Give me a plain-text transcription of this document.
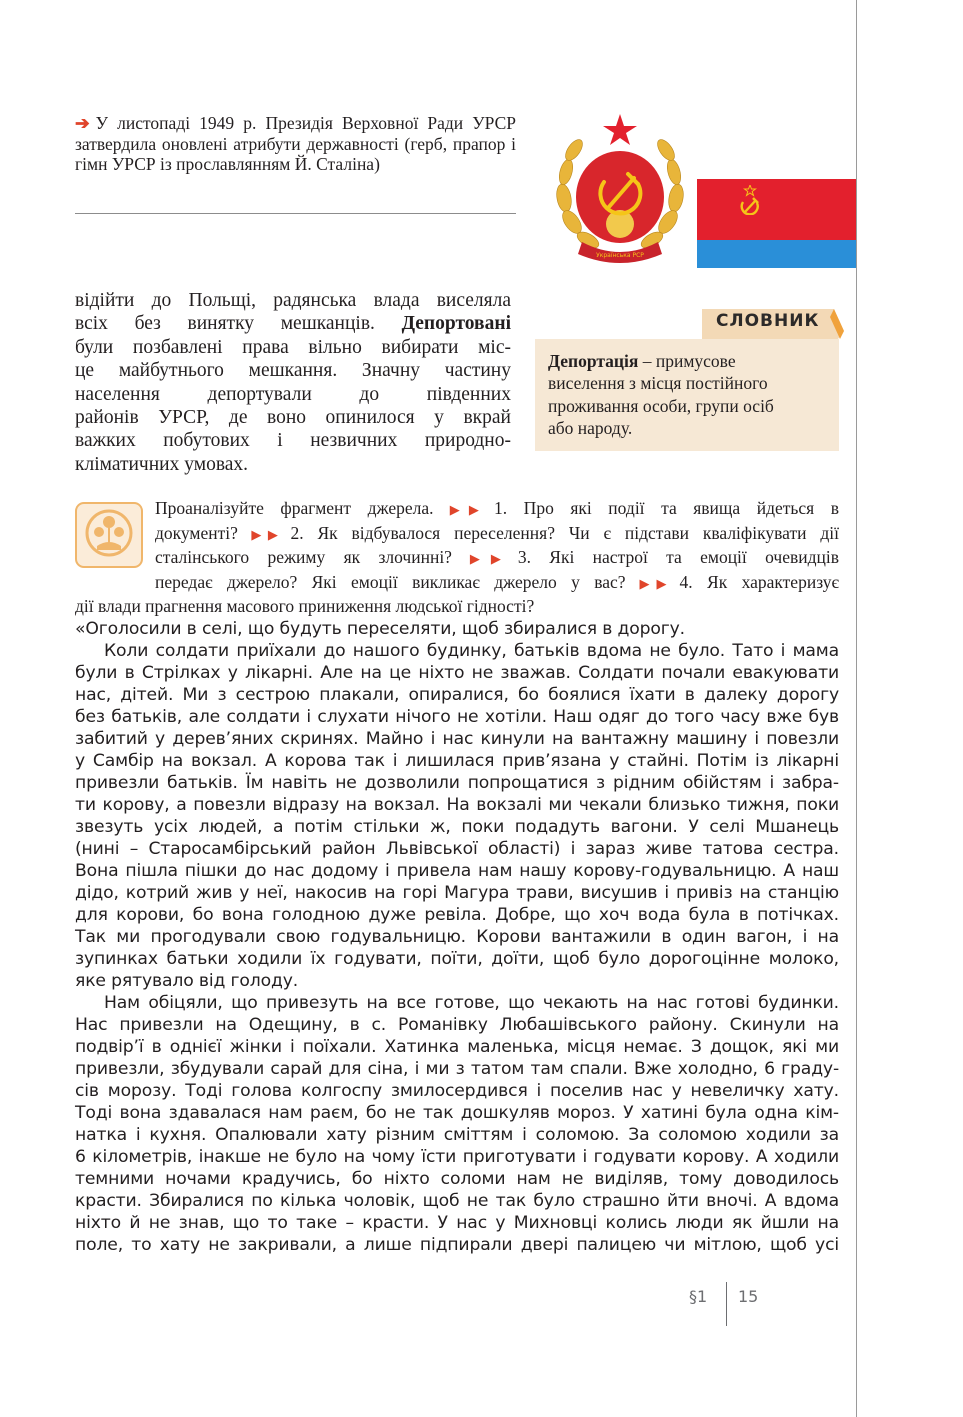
➔ У листопаді 1949 р. Президія Верховної Ради УРСР затвердила оновлені атрибути державності (герб, прапор і гімн УРСР із прославлянням Й. Сталіна)
Українська РСР
відійти до Польщі, радянська влада виселяла
всіх без винятку мешканців. Депортовані
були позбавлені права вільно вибирати міс-
це майбутнього мешкання. Значну частину
населення депортували до південних
районів УРСР, де воно опинилося у вкрай
важких побутових і незвичних природно-
кліматичних умовах.
СЛОВНИК
Депортація – примусове
виселення з місця постійного
проживання особи, групи осіб
або народу.
Проаналізуйте фрагмент джерела. ▶▶ 1. Про які події та явища йдеться в
документі? ▶▶ 2. Як відбувалося переселення? Чи є підстави кваліфікувати дії
сталінського режиму як злочинні? ▶▶ 3. Які настрої та емоції очевидців
передає джерело? Які емоції викликає джерело у вас? ▶▶ 4. Як характеризує
дії влади прагнення масового приниження людської гідності?
«Оголосили в селі, що будуть переселяти, щоб збиралися в дорогу.
Коли солдати приїхали до нашого будинку, батьків вдома не було. Тато і мама
були в Стрілках у лікарні. Але на це ніхто не зважав. Солдати почали евакуювати
нас, дітей. Ми з сестрою плакали, опиралися, бо боялися їхати в далеку дорогу
без батьків, але солдати і слухати нічого не хотіли. Наш одяг до того часу вже був
забитий у дерев’яних скринях. Майно і нас кинули на вантажну машину і повезли
у Самбір на вокзал. А корова так і лишилася прив’язана у стайні. Потім із лікарні
привезли батьків. Їм навіть не дозволили попрощатися з рідним обійстям і забра-
ти корову, а повезли відразу на вокзал. На вокзалі ми чекали близько тижня, поки
звезуть усіх людей, а потім стільки ж, поки подадуть вагони. У селі Мшанець
(нині – Старосамбірський район Львівської області) і зараз живе татова сестра.
Вона пішла пішки до нас додому і привела нам нашу корову-годувальницю. А наш
дідо, котрий жив у неї, накосив на горі Магура трави, висушив і привіз на станцію
для корови, бо вона голодною дуже ревіла. Добре, що хоч вода була в потічках.
Так ми прогодували свою годувальницю. Корови вантажили в один вагон, і на
зупинках батьки ходили їх годувати, поїти, доїти, щоб було дорогоцінне молоко,
яке рятувало від голоду.
Нам обіцяли, що привезуть на все готове, що чекають на нас готові будинки.
Нас привезли на Одещину, в с. Романівку Любашівського району. Скинули на
подвір’ї в однієї жінки і поїхали. Хатинка маленька, місця немає. З дощок, які ми
привезли, збудували сарай для сіна, і ми з татом там спали. Вже холодно, 6 граду-
сів морозу. Тоді голова колгоспу змилосердився і поселив нас у невеличку хату.
Тоді вона здавалася нам раєм, бо не так дошкуляв мороз. У хатині була одна кім-
натка і кухня. Опалювали хату різним сміттям і соломою. За соломою ходили за
6 кілометрів, інакше не було на чому їсти приготувати і годувати корову. А ходили
темними ночами крадучись, бо ніхто соломи нам не виділяв, тому доводилось
красти. Збиралися по кілька чоловік, щоб не так було страшно йти вночі. А вдома
ніхто й не знав, що то таке – красти. У нас у Михновці колись люди як йшли на
поле, то хату не закривали, а лише підпирали двері палицею чи мітлою, щоб усі
§1 15
